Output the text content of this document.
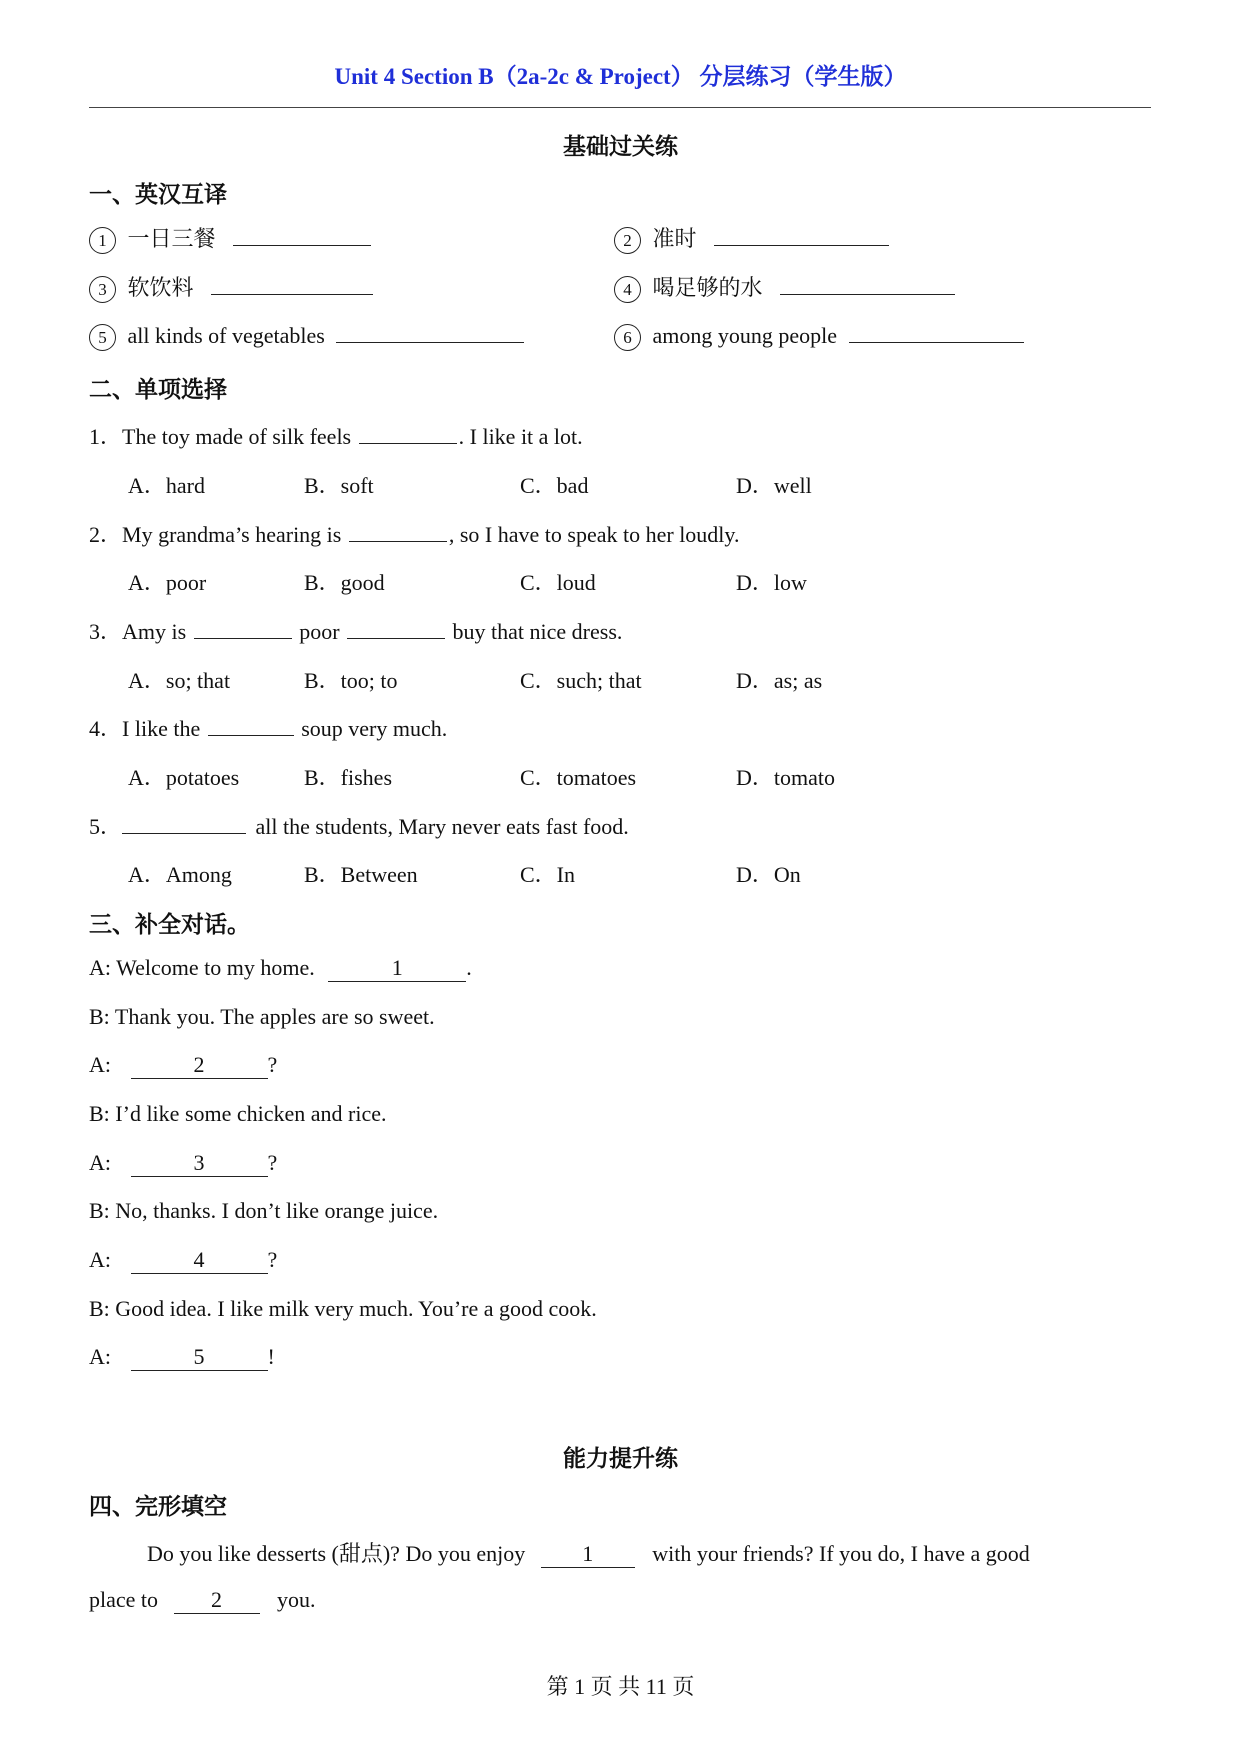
Unit 4 Section B（2a-2c & Project） 分层练习（学生版）
基础过关练
一、英汉互译
1 一日三餐	2 准时
3 软饮料	4 喝足够的水
5 all kinds of vegetables	6 among young people
二、单项选择
1．The toy made of silk feels	. I like it a lot.
A．hard	B．soft	C．bad	D．well
2．My grandma’s hearing is	, so I have to speak to her loudly.
A．poor	B．good	C．loud	D．low
3．Amy is	poor	buy that nice dress.
A．so; that	B．too; to	C．such; that	D．as; as
4．I like the	soup very much.
A．potatoes	B．fishes	C．tomatoes	D．tomato
5．	all the students, Mary never eats fast food.
A．Among	B．Between	C．In	D．On
三、补全对话。
A: Welcome to my home.	1	.
B: Thank you. The apples are so sweet.
A:	2	?
B: I’d like some chicken and rice.
A:	3	?
B: No, thanks. I don’t like orange juice.
A:	4	?
B: Good idea. I like milk very much. You’re a good cook.
A:	5	!
能力提升练
四、完形填空
Do you like desserts (甜点)? Do you enjoy	1	with your friends? If you do, I have a good
place to 2	you.
第 1 页 共 11 页
